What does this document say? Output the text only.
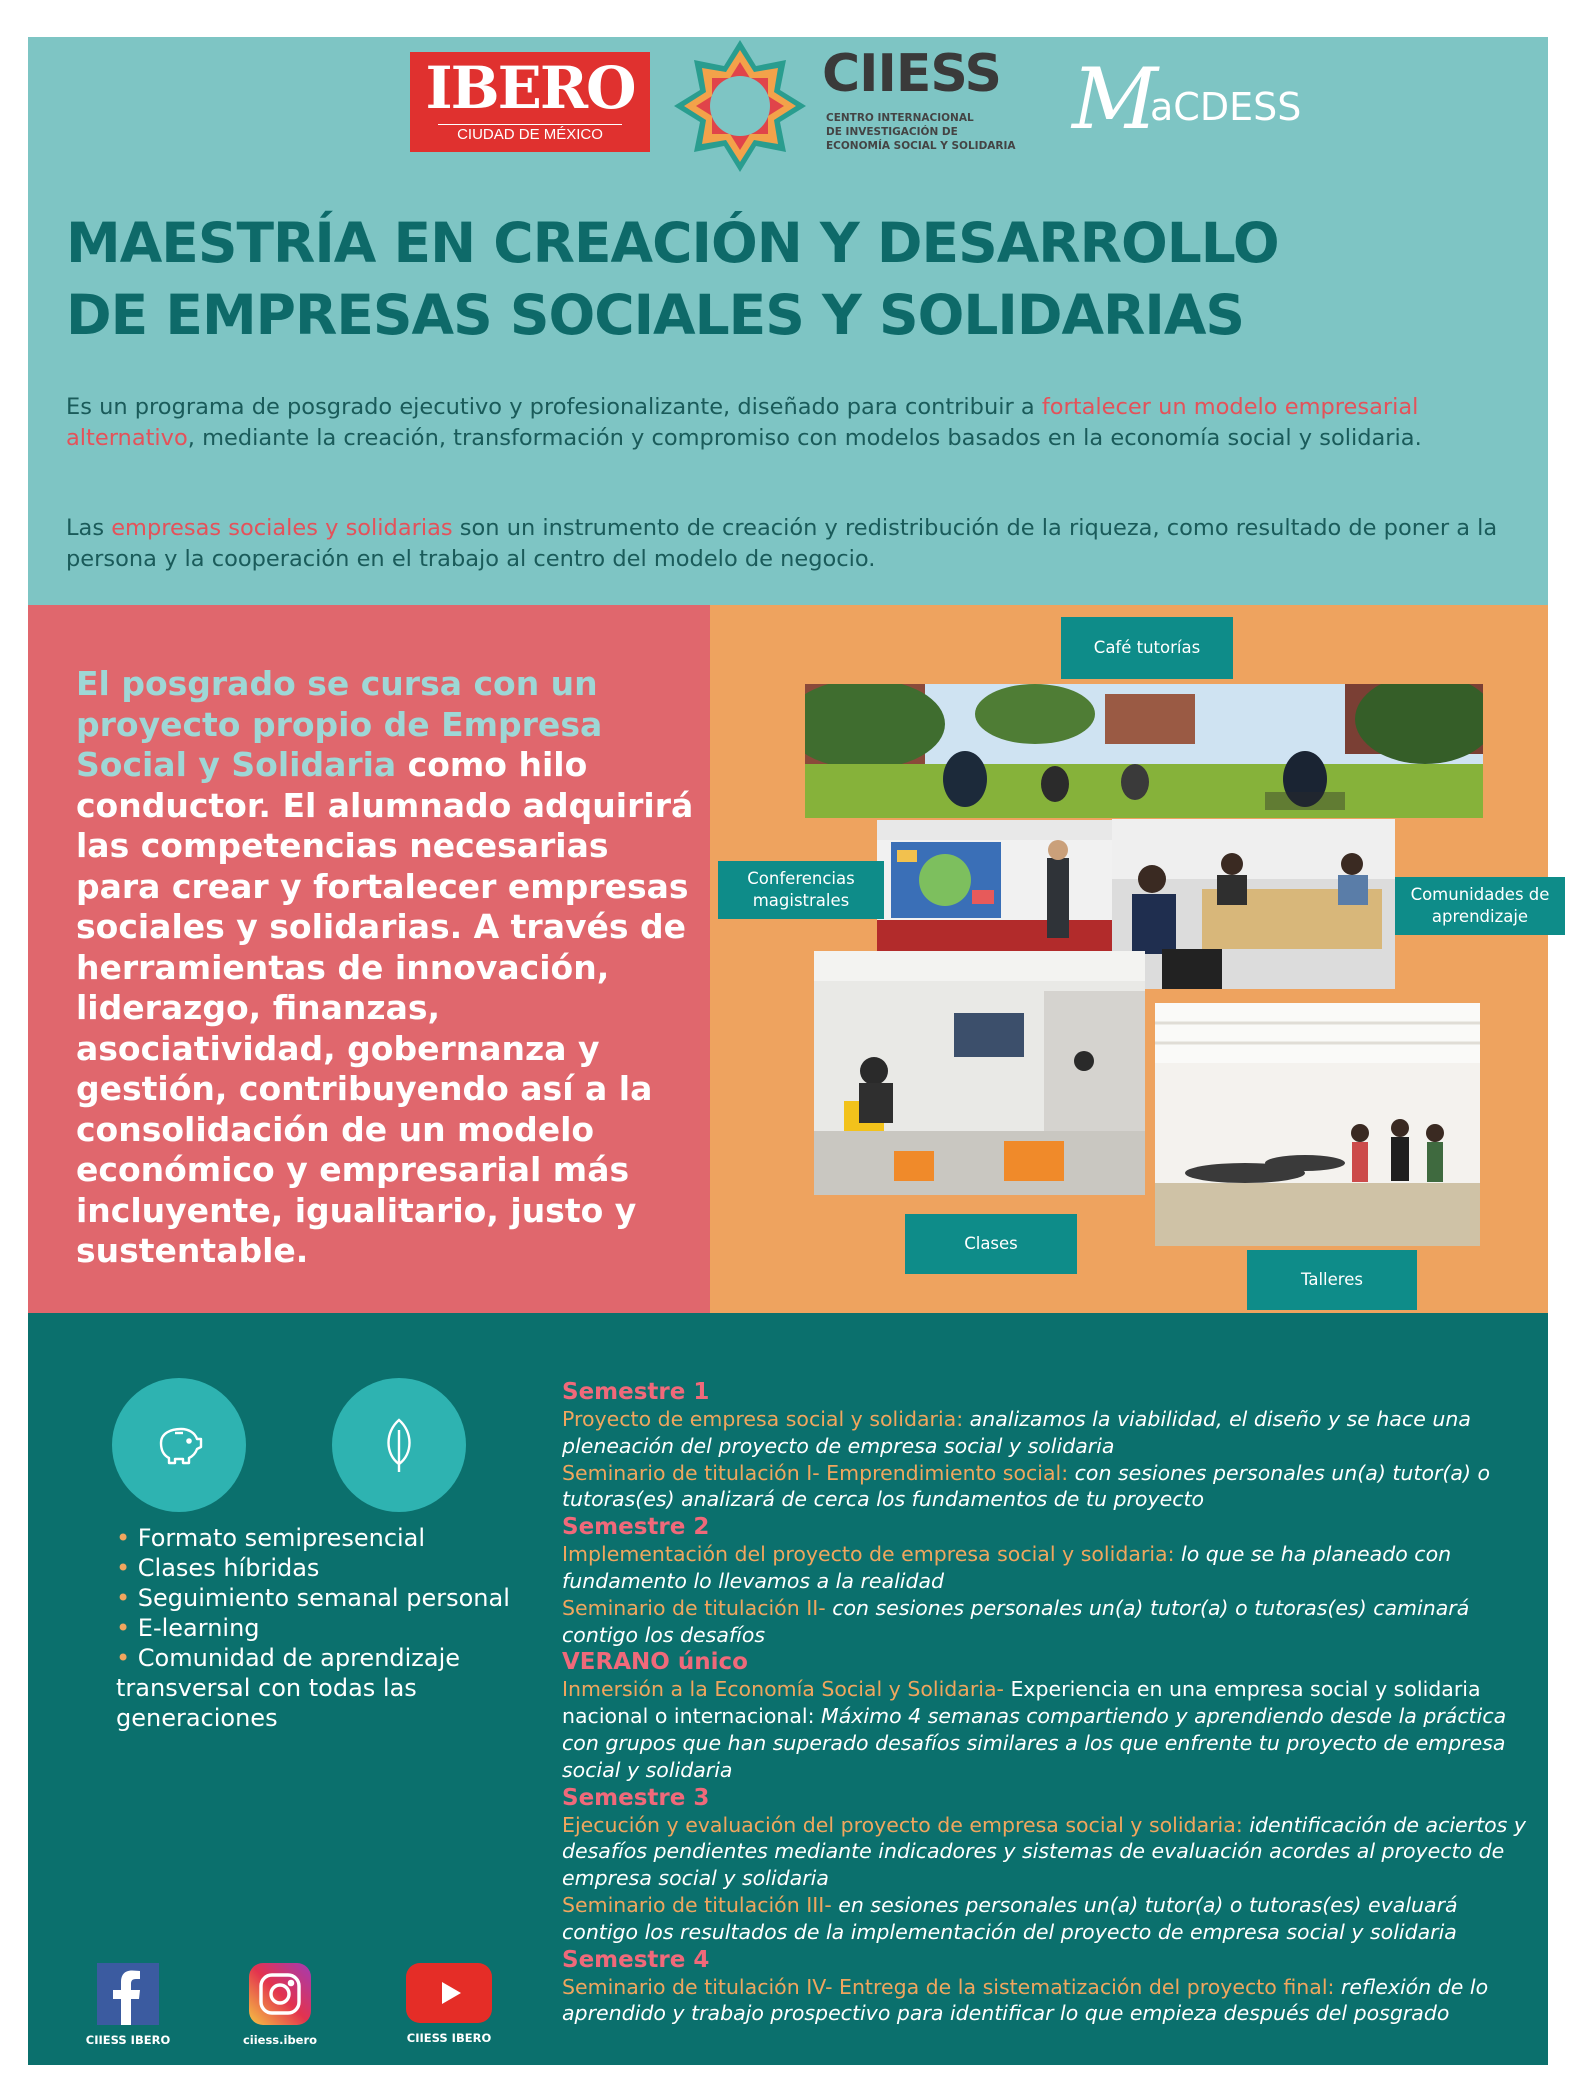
IBERO
CIUDAD DE MÉXICO
CIIESS
CENTRO INTERNACIONAL
DE INVESTIGACIÓN DE
ECONOMÍA SOCIAL Y SOLIDARIA MaCDESS
MAESTRÍA EN CREACIÓN Y DESARROLLO
DE EMPRESAS SOCIALES Y SOLIDARIAS
Es un programa de posgrado ejecutivo y profesionalizante, diseñado para contribuir a fortalecer un modelo empresarial alternativo, mediante la creación, transformación y compromiso con modelos basados en la economía social y solidaria.
Las empresas sociales y solidarias son un instrumento de creación y redistribución de la riqueza, como resultado de poner a la persona y la cooperación en el trabajo al centro del modelo de negocio.
El posgrado se cursa con un proyecto propio de Empresa Social y Solidaria como hilo conductor. El alumnado adquirirá las competencias necesarias para crear y fortalecer empresas sociales y solidarias. A través de herramientas de innovación, liderazgo, finanzas, asociatividad, gobernanza y gestión, contribuyendo así a la consolidación de un modelo económico y empresarial más incluyente, igualitario, justo y sustentable.
Café tutorías
Conferencias magistrales	Comunidades de aprendizaje
Clases
Talleres
• Formato semipresencial
• Clases híbridas
• Seguimiento semanal personal
• E-learning
• Comunidad de aprendizaje transversal con todas las generaciones
Semestre 1
Proyecto de empresa social y solidaria: analizamos la viabilidad, el diseño y se hace una pleneación del proyecto de empresa social y solidaria
Seminario de titulación I- Emprendimiento social: con sesiones personales un(a) tutor(a) o tutoras(es) analizará de cerca los fundamentos de tu proyecto
Semestre 2
Implementación del proyecto de empresa social y solidaria: lo que se ha planeado con fundamento lo llevamos a la realidad
Seminario de titulación II- con sesiones personales un(a) tutor(a) o tutoras(es) caminará contigo los desafíos
VERANO único
Inmersión a la Economía Social y Solidaria- Experiencia en una empresa social y solidaria nacional o internacional: Máximo 4 semanas compartiendo y aprendiendo desde la práctica con grupos que han superado desafíos similares a los que enfrente tu proyecto de empresa social y solidaria
Semestre 3
Ejecución y evaluación del proyecto de empresa social y solidaria: identificación de aciertos y desafíos pendientes mediante indicadores y sistemas de evaluación acordes al proyecto de empresa social y solidaria
Seminario de titulación III- en sesiones personales un(a) tutor(a) o tutoras(es) evaluará contigo los resultados de la implementación del proyecto de empresa social y solidaria
Semestre 4
Seminario de titulación IV- Entrega de la sistematización del proyecto final: reflexión de lo aprendido y trabajo prospectivo para identificar lo que empieza después del posgrado
CIIESS IBERO	ciiess.ibero	CIIESS IBERO
